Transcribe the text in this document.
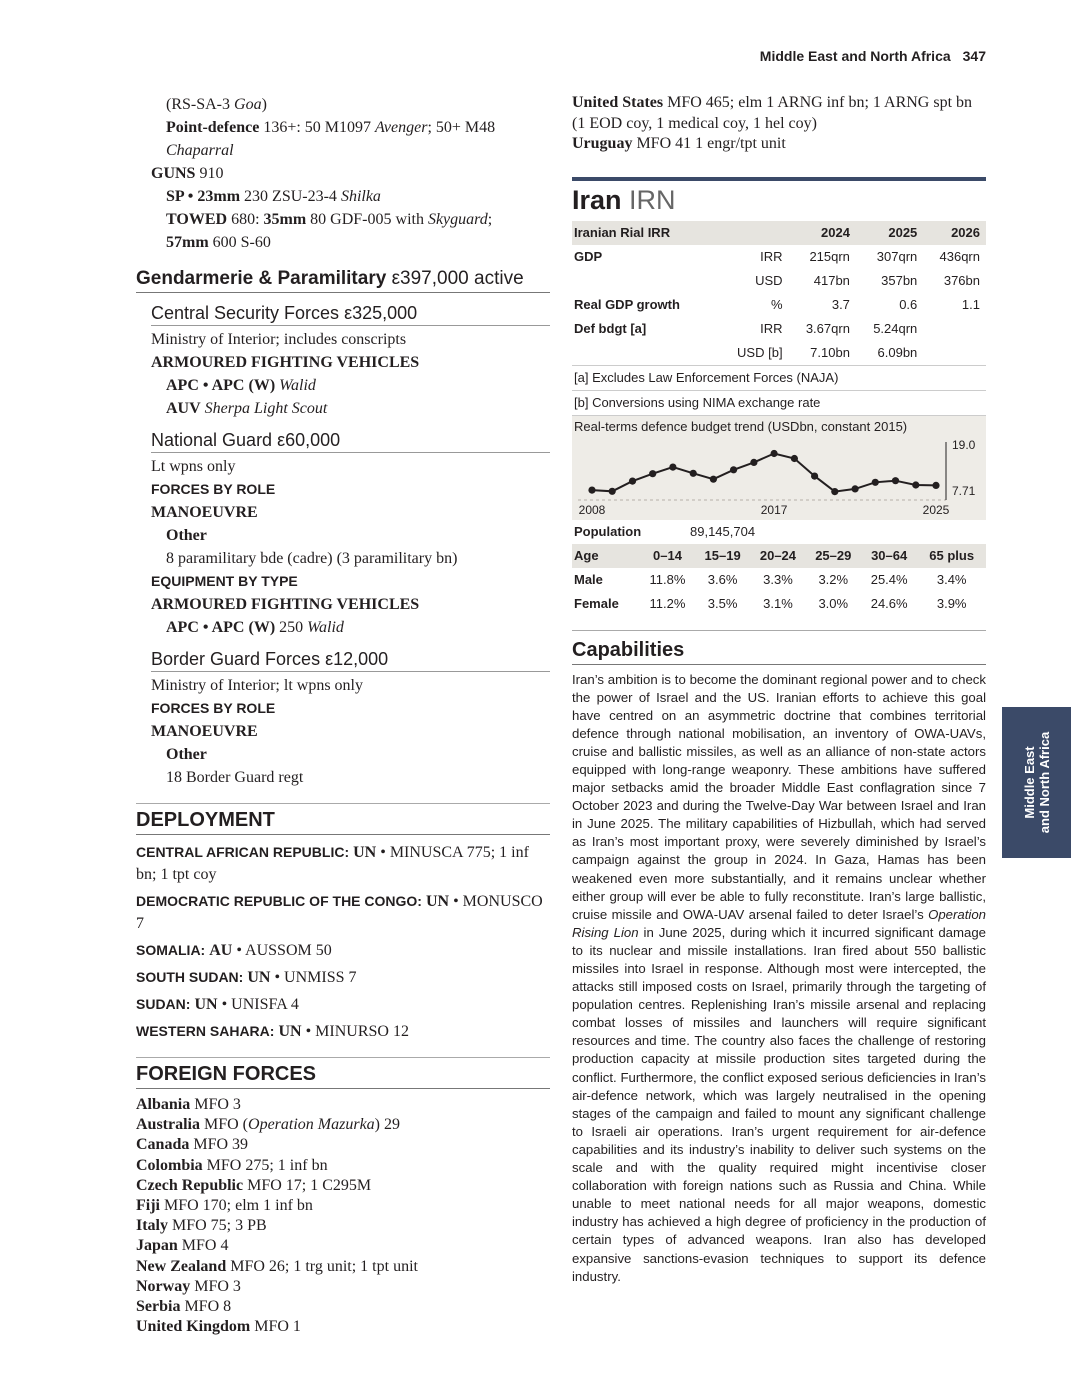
Middle East and North Africa 347

(RS-SA-3 Goa)

Point-defence 136+: 50 M1097 Avenger; 50+ M48 Chaparral

GUNS 910

SP • 23mm 230 ZSU-23-4 Shilka

TOWED 680: 35mm 80 GDF-005 with Skyguard;

57mm 600 S-60

Gendarmerie & Paramilitary ε397,000 active
Central Security Forces ε325,000

Ministry of Interior; includes conscripts

ARMOURED FIGHTING VEHICLES

APC • APC (W) Walid

AUV Sherpa Light Scout

National Guard ε60,000

Lt wpns only

FORCES BY ROLE

MANOEUVRE

Other

8 paramilitary bde (cadre) (3 paramilitary bn)

EQUIPMENT BY TYPE

ARMOURED FIGHTING VEHICLES

APC • APC (W) 250 Walid

Border Guard Forces ε12,000

Ministry of Interior; lt wpns only

FORCES BY ROLE

MANOEUVRE

Other

18 Border Guard regt

DEPLOYMENT

CENTRAL AFRICAN REPUBLIC: UN • MINUSCA 775; 1 inf bn; 1 tpt coy

DEMOCRATIC REPUBLIC OF THE CONGO: UN • MONUSCO 7

SOMALIA: AU • AUSSOM 50

SOUTH SUDAN: UN • UNMISS 7

SUDAN: UN • UNISFA 4

WESTERN SAHARA: UN • MINURSO 12

FOREIGN FORCES

Albania MFO 3

Australia MFO (Operation Mazurka) 29

Canada MFO 39

Colombia MFO 275; 1 inf bn

Czech Republic MFO 17; 1 C295M

Fiji MFO 170; elm 1 inf bn

Italy MFO 75; 3 PB

Japan MFO 4

New Zealand MFO 26; 1 trg unit; 1 tpt unit

Norway MFO 3

Serbia MFO 8

United Kingdom MFO 1

United States MFO 465; elm 1 ARNG inf bn; 1 ARNG spt bn (1 EOD coy, 1 medical coy, 1 hel coy)

Uruguay MFO 41 1 engr/tpt unit

Iran IRN
Iranian Rial IRR		2024	2025	2026
GDP	IRR	215qrn	307qrn	436qrn
	USD	417bn	357bn	376bn
Real GDP growth	%	3.7	0.6	1.1
Def bdgt [a]	IRR	3.67qrn	5.24qrn	
	USD [b]	7.10bn	6.09bn	
[a] Excludes Law Enforcement Forces (NAJA)
[b] Conversions using NIMA exchange rate
19.0
7.71
2008	2017	2025
Real-terms defence budget trend (USDbn, constant 2015)
Population	89,145,704
Age	0–14	15–19	20–24	25–29	30–64	65 plus
Male	11.8%	3.6%	3.3%	3.2%	25.4%	3.4%
Female	11.2%	3.5%	3.1%	3.0%	24.6%	3.9%
Capabilities

Iran’s ambition is to become the dominant regional power and to check the power of Israel and the US. Iranian efforts to achieve this goal have centred on an asymmetric doctrine that combines territorial defence through national mobilisation, an inventory of OWA-UAVs, cruise and ballistic missiles, as well as an alliance of non-state actors equipped with long-range weaponry. These ambitions have suffered major setbacks amid the broader Middle East conflagration since 7 October 2023 and during the Twelve-Day War between Israel and Iran in June 2025. The military capabilities of Hizbullah, which had served as Iran’s most important proxy, were severely diminished by Israel’s campaign against the group in 2024. In Gaza, Hamas has been weakened even more substantially, and it remains unclear whether either group will ever be able to fully reconstitute. Iran’s large ballistic, cruise missile and OWA-UAV arsenal failed to deter Israel’s Operation Rising Lion in June 2025, during which it incurred significant damage to its nuclear and missile installations. Iran fired about 550 ballistic missiles into Israel in response. Although most were intercepted, the attacks still imposed costs on Israel, primarily through the targeting of population centres. Replenishing Iran’s missile arsenal and replacing combat losses of missiles and launchers will require significant resources and time. The country also faces the challenge of restoring production capacity at missile production sites targeted during the conflict. Furthermore, the conflict exposed serious deficiencies in Iran’s air-defence network, which was largely neutralised in the opening stages of the campaign and failed to mount any significant challenge to Israeli air operations. Iran’s urgent requirement for air-defence capabilities and its industry’s inability to deliver such systems on the scale and with the quality required might incentivise closer collaboration with foreign nations such as Russia and China. While unable to meet national needs for all major weapons, domestic industry has achieved a high degree of proficiency in the production of certain types of advanced weapons. Iran also has developed expansive sanctions-evasion techniques to support its defence industry.

Middle East and North Africa
